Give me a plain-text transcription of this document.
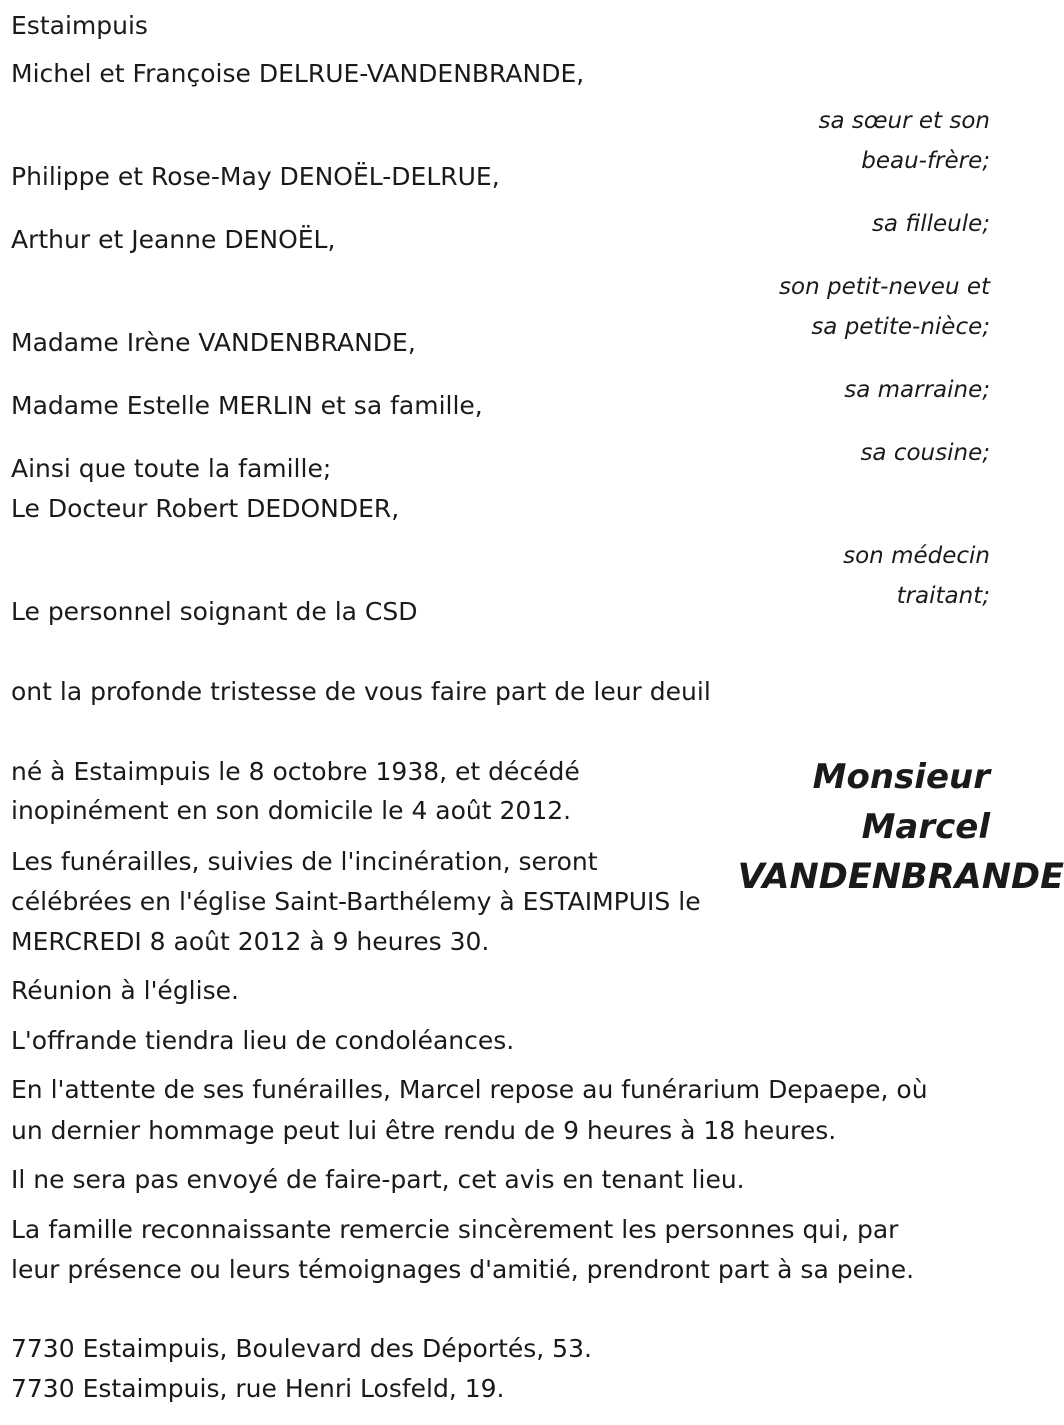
Estaimpuis

Michel et Françoise DELRUE-VANDENBRANDE,

sa sœur et son

beau-frère;

Philippe et Rose-May DENOËL-DELRUE,

sa filleule;

Arthur et Jeanne DENOËL,

son petit-neveu et

sa petite-nièce;

Madame Irène VANDENBRANDE,

sa marraine;

Madame Estelle MERLIN et sa famille,

sa cousine;

Ainsi que toute la famille;

Le Docteur Robert DEDONDER,

son médecin

traitant;

Le personnel soignant de la CSD

ont la profonde tristesse de vous faire part de leur deuil

Monsieur
Marcel
VANDENBRANDE

né à Estaimpuis le 8 octobre 1938, et décédé

inopinément en son domicile le 4 août 2012.

Les funérailles, suivies de l'incinération, seront

célébrées en l'église Saint-Barthélemy à ESTAIMPUIS le

MERCREDI 8 août 2012 à 9 heures 30.

Réunion à l'église.

L'offrande tiendra lieu de condoléances.

En l'attente de ses funérailles, Marcel repose au funérarium Depaepe, où

un dernier hommage peut lui être rendu de 9 heures à 18 heures.

Il ne sera pas envoyé de faire-part, cet avis en tenant lieu.

La famille reconnaissante remercie sincèrement les personnes qui, par

leur présence ou leurs témoignages d'amitié, prendront part à sa peine.

7730 Estaimpuis, Boulevard des Déportés, 53.

7730 Estaimpuis, rue Henri Losfeld, 19.
